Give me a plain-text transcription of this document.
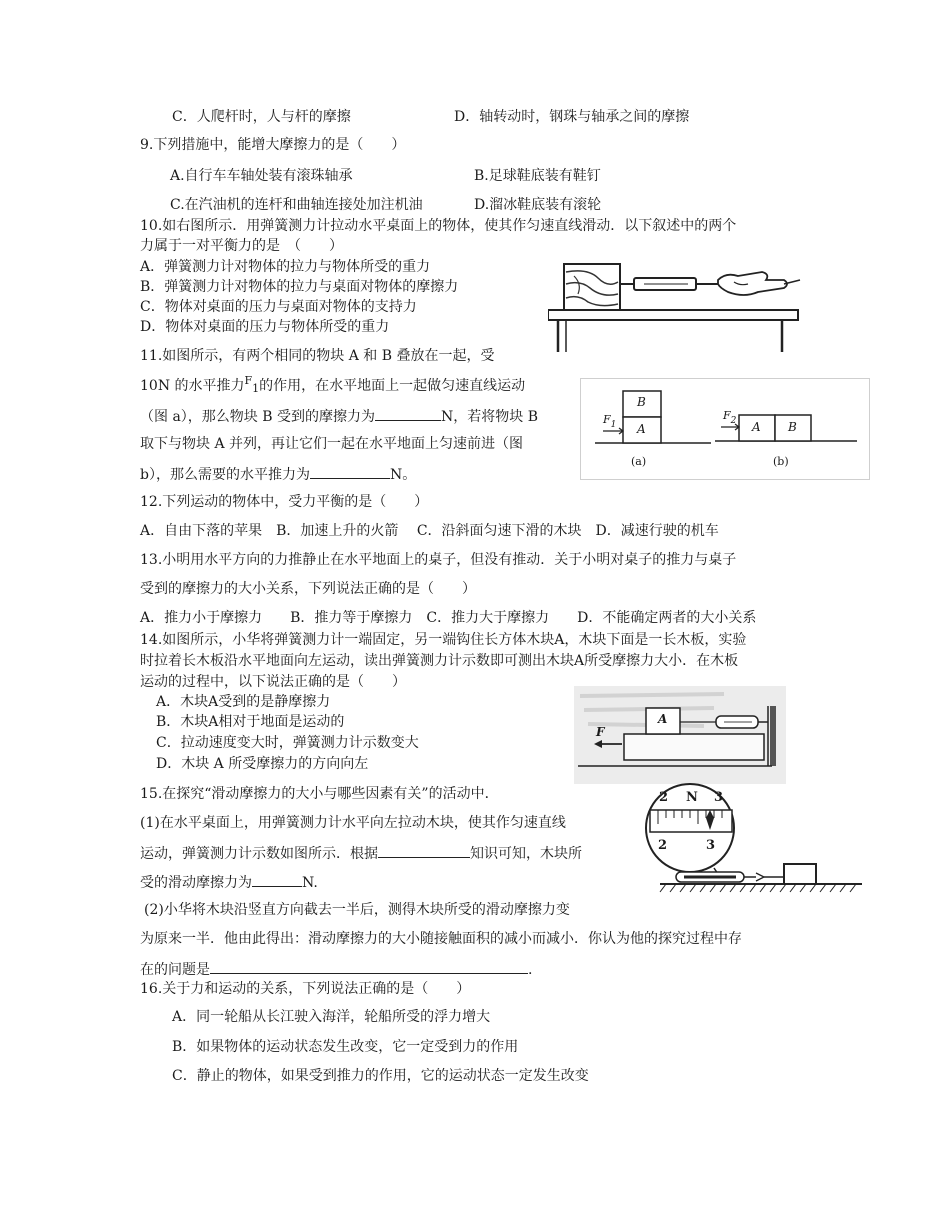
C．人爬杆时，人与杆的摩擦	D．轴转动时，钢珠与轴承之间的摩擦
9.下列措施中，能增大摩擦力的是（　　）
A.自行车车轴处装有滚珠轴承	B.足球鞋底装有鞋钉
C.在汽油机的连杆和曲轴连接处加注机油	D.溜冰鞋底装有滚轮
10.如右图所示．用弹簧测力计拉动水平桌面上的物体，使其作匀速直线滑动．以下叙述中的两个
力属于一对平衡力的是　（　　）
A．弹簧测力计对物体的拉力与物体所受的重力
B．弹簧测力计对物体的拉力与桌面对物体的摩擦力
C．物体对桌面的压力与桌面对物体的支持力
D．物体对桌面的压力与物体所受的重力
11.如图所示，有两个相同的物块 A 和 B 叠放在一起，受
10N 的水平推力$^F$1的作用，在水平地面上一起做匀速直线运动
（图 a），那么物块 B 受到的摩擦力为	N，若将物块 B
取下与物块 A 并列，再让它们一起在水平地面上匀速前进（图
b），那么需要的水平推力为	N。
B
A
$F_1$	A B
$F_2$
(a)	(b)
12.下列运动的物体中，受力平衡的是（　　）
A．自由下落的苹果　B．加速上升的火箭　 C．沿斜面匀速下滑的木块　D．减速行驶的机车
13.小明用水平方向的力推静止在水平地面上的桌子，但没有推动．关于小明对桌子的推力与桌子
受到的摩擦力的大小关系，下列说法正确的是（　　）
A．推力小于摩擦力　　B．推力等于摩擦力　C．推力大于摩擦力　　D．不能确定两者的大小关系
14.如图所示，小华将弹簧测力计一端固定，另一端钩住长方体木块A，木块下面是一长木板，实验
时拉着长木板沿水平地面向左运动，读出弹簧测力计示数即可测出木块A所受摩擦力大小．在木板
运动的过程中，以下说法正确的是（　　）
A．木块A受到的是静摩擦力
B．木块A相对于地面是运动的
C．拉动速度变大时，弹簧测力计示数变大
D．木块 A 所受摩擦力的方向向左
A
F
15.在探究“滑动摩擦力的大小与哪些因素有关”的活动中．
(1)在水平桌面上，用弹簧测力计水平向左拉动木块，使其作匀速直线
运动，弹簧测力计示数如图所示．根据	知识可知，木块所
受的滑动摩擦力为	N.
(2)小华将木块沿竖直方向截去一半后，测得木块所受的滑动摩擦力变
为原来一半．他由此得出：滑动摩擦力的大小随接触面积的减小而减小．你认为他的探究过程中存
在的问题是	.
2 N 3
2	3
16.关于力和运动的关系，下列说法正确的是（　　）
A．同一轮船从长江驶入海洋，轮船所受的浮力增大
B．如果物体的运动状态发生改变，它一定受到力的作用
C．静止的物体，如果受到推力的作用，它的运动状态一定发生改变
